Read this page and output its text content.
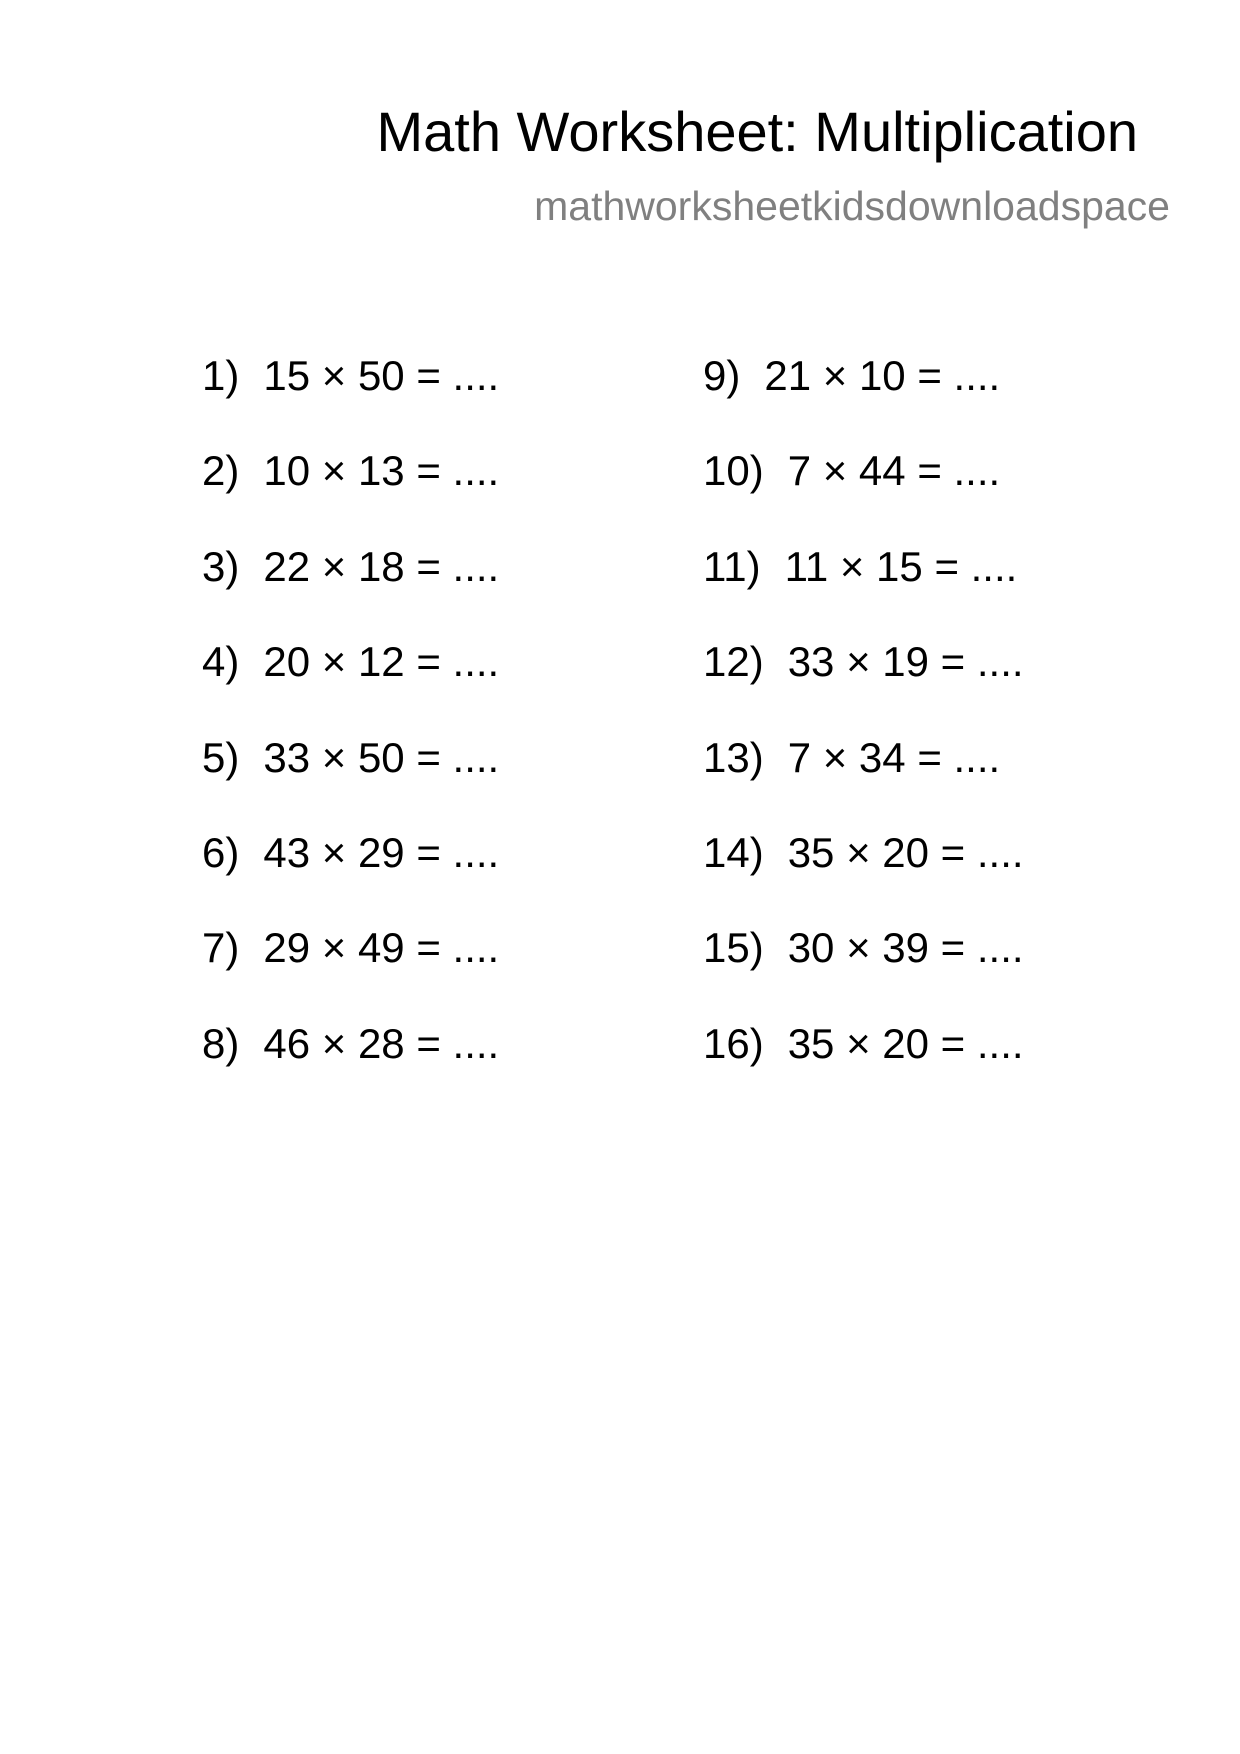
Math Worksheet: Multiplication
mathworksheetkidsdownloadspace
1) 15 × 50 = ....
2) 10 × 13 = ....
3) 22 × 18 = ....
4) 20 × 12 = ....
5) 33 × 50 = ....
6) 43 × 29 = ....
7) 29 × 49 = ....
8) 46 × 28 = ....
9) 21 × 10 = ....
10) 7 × 44 = ....
11) 11 × 15 = ....
12) 33 × 19 = ....
13) 7 × 34 = ....
14) 35 × 20 = ....
15) 30 × 39 = ....
16) 35 × 20 = ....
